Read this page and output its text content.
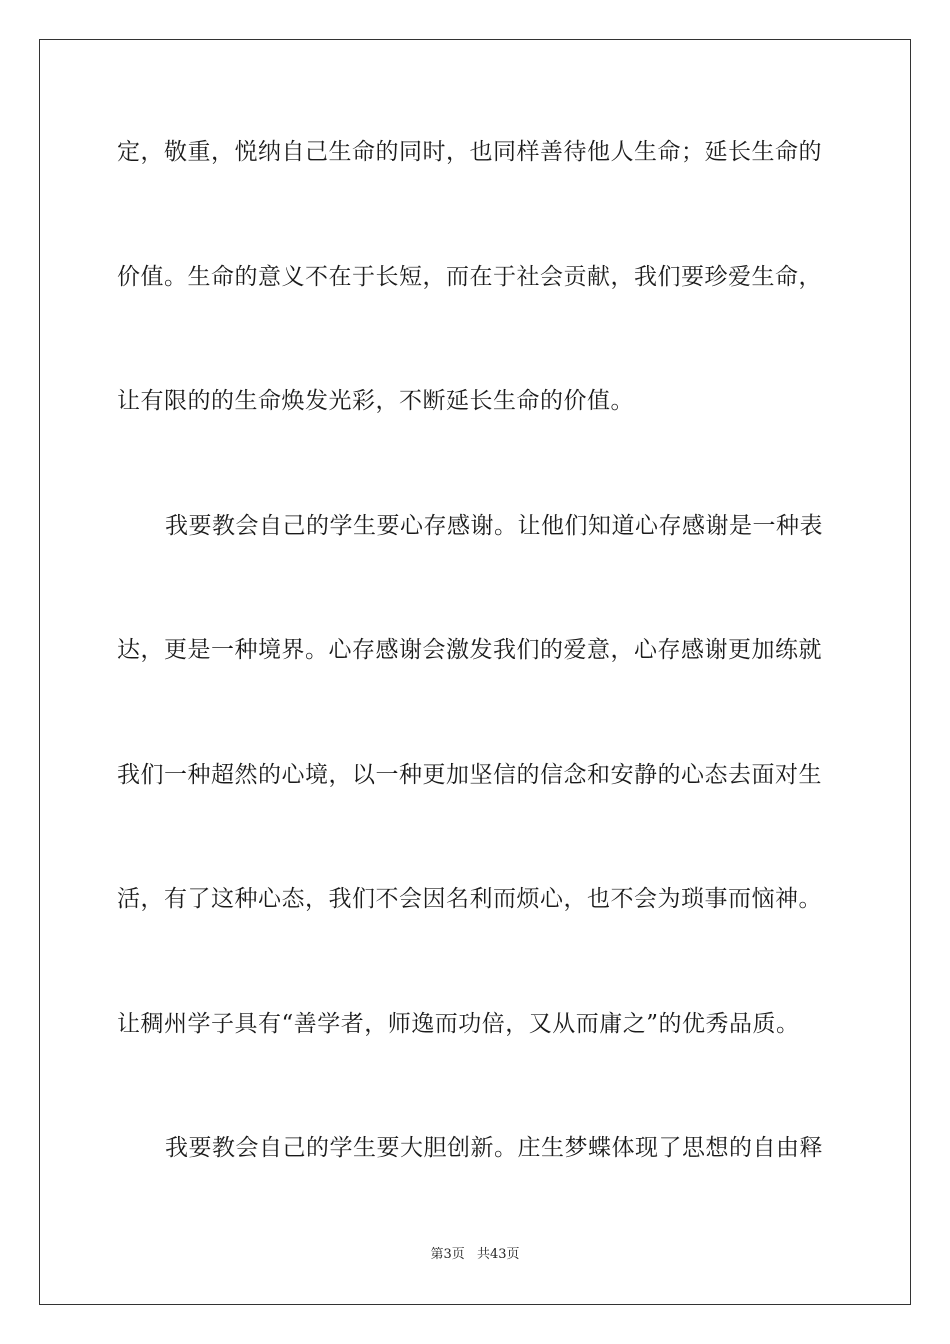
定，敬重，悦纳自己生命的同时，也同样善待他人生命；延长生命的
价值。生命的意义不在于长短，而在于社会贡献，我们要珍爱生命，
让有限的的生命焕发光彩，不断延长生命的价值。
我要教会自己的学生要心存感谢。让他们知道心存感谢是一种表
达，更是一种境界。心存感谢会激发我们的爱意，心存感谢更加练就
我们一种超然的心境，以一种更加坚信的信念和安静的心态去面对生
活，有了这种心态，我们不会因名利而烦心，也不会为琐事而恼神。
让稠州学子具有“善学者，师逸而功倍，又从而庸之”的优秀品质。
我要教会自己的学生要大胆创新。庄生梦蝶体现了思想的自由释
第3页 共43页
